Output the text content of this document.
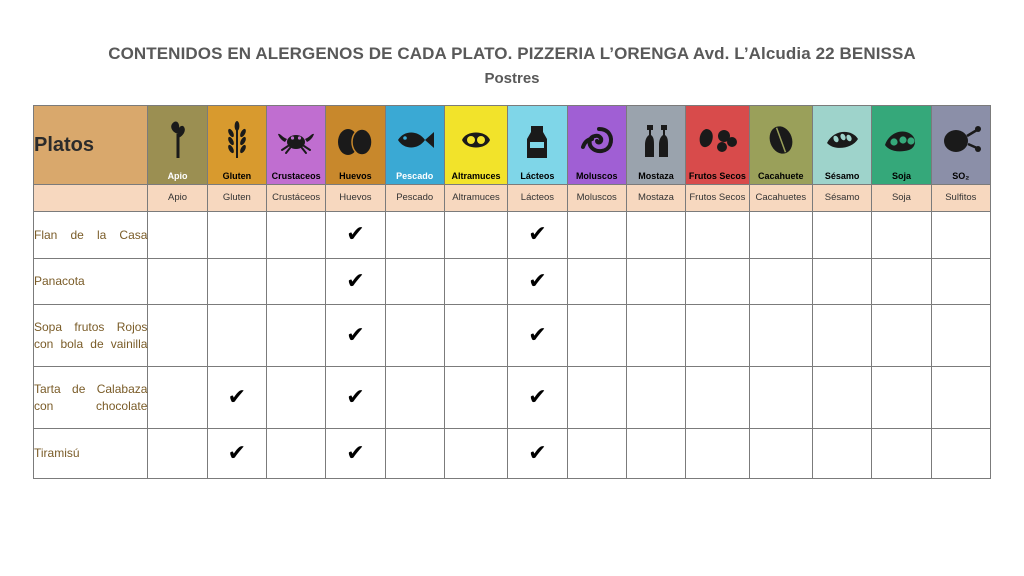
CONTENIDOS EN ALERGENOS DE CADA PLATO. PIZZERIA L’ORENGA Avd. L’Alcudia 22 BENISSA
Postres
Platos	Apio	Gluten	Crustaceos	Huevos	Pescado	Altramuces	Lácteos	Moluscos	Mostaza	Frutos Secos	Cacahuete	Sésamo	Soja	SO₂

	Apio	Gluten	Crustáceos	Huevos	Pescado	Altramuces	Lácteos	Moluscos	Mostaza	Frutos Secos	Cacahuetes	Sésamo	Soja	Sulfitos
Flan de la Casa				✔			✔							
Panacota				✔			✔							
Sopa frutos Rojos con bola de vainilla				✔			✔							
Tarta de Calabaza con chocolate		✔		✔			✔							
Tiramisú		✔		✔			✔							
